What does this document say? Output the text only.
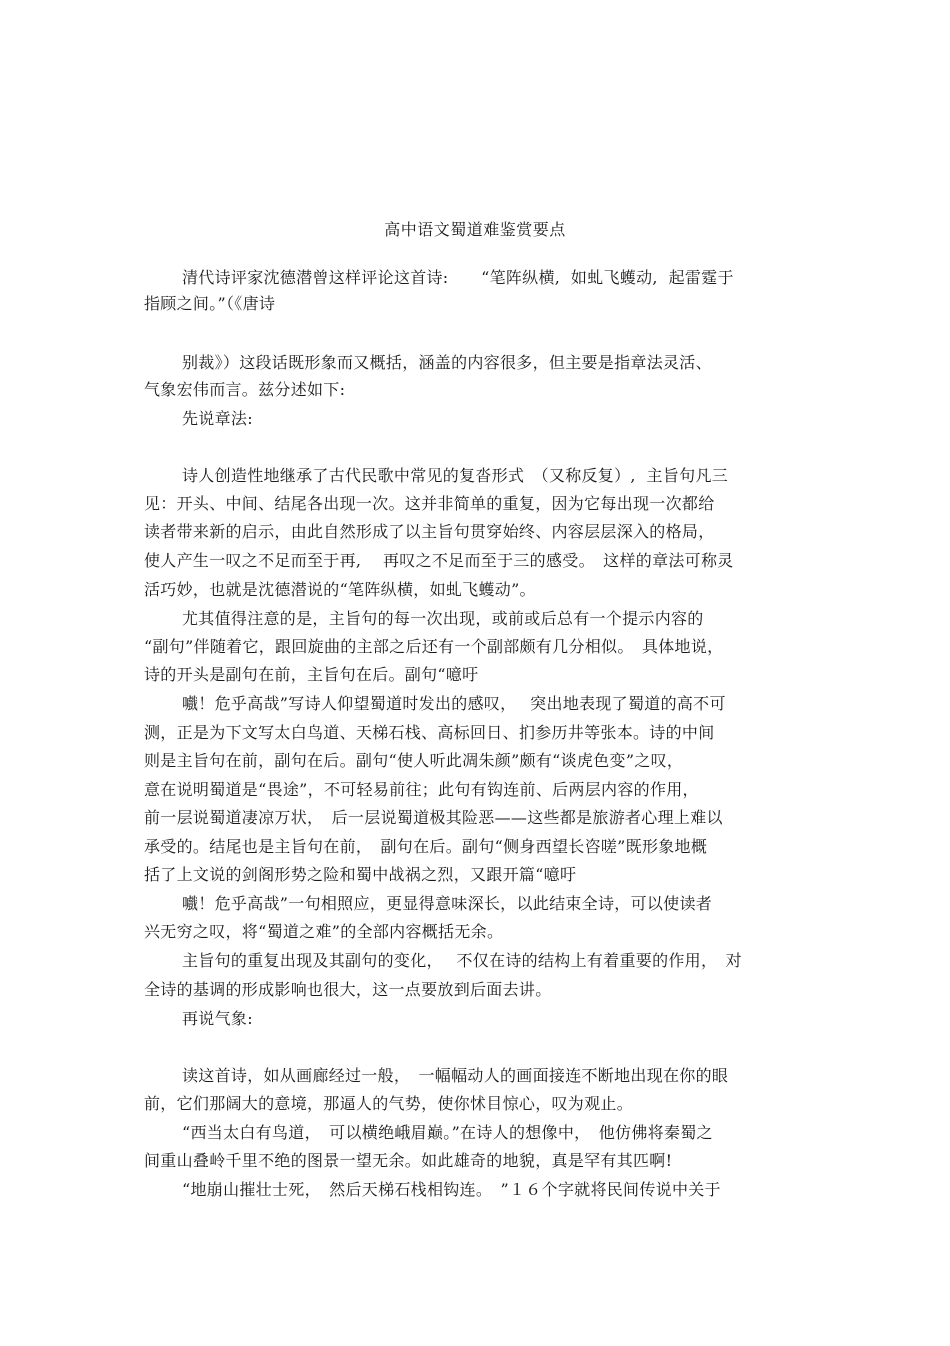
高中语文蜀道难鉴赏要点
清代诗评家沈德潜曾这样评论这首诗:　　“笔阵纵横,  如虬飞蠖动,  起雷霆于
指顾之间。”（《唐诗
别裁》）这段话既形象而又概括，涵盖的内容很多，但主要是指章法灵活、
气象宏伟而言。兹分述如下:
先说章法:
诗人创造性地继承了古代民歌中常见的复沓形式　（又称反复）,  主旨句凡三
见：开头、中间、结尾各出现一次。这并非简单的重复，因为它每出现一次都给
读者带来新的启示，由此自然形成了以主旨句贯穿始终、内容层层深入的格局，
使人产生一叹之不足而至于再,　 再叹之不足而至于三的感受。　这样的章法可称灵
活巧妙，也就是沈德潜说的“笔阵纵横，如虬飞蠖动”。
尤其值得注意的是，主旨句的每一次出现，或前或后总有一个提示内容的
“副句”伴随着它，跟回旋曲的主部之后还有一个副部颇有几分相似。　具体地说，
诗的开头是副句在前，主旨句在后。副句“噫吁
嚱！危乎高哉”写诗人仰望蜀道时发出的感叹，　 突出地表现了蜀道的高不可
测，正是为下文写太白鸟道、天梯石栈、高标回日、扪参历井等张本。诗的中间
则是主旨句在前，副句在后。副句“使人听此凋朱颜”颇有“谈虎色变”之叹，
意在说明蜀道是“畏途”，不可轻易前往；此句有钩连前、后两层内容的作用，
前一层说蜀道凄凉万状，　后一层说蜀道极其险恶——这些都是旅游者心理上难以
承受的。结尾也是主旨句在前，　副句在后。副句“侧身西望长咨嗟”既形象地概
括了上文说的剑阁形势之险和蜀中战祸之烈，又跟开篇“噫吁
嚱！危乎高哉”一句相照应，更显得意味深长，以此结束全诗，可以使读者
兴无穷之叹，将“蜀道之难”的全部内容概括无余。
主旨句的重复出现及其副句的变化，　 不仅在诗的结构上有着重要的作用，　对
全诗的基调的形成影响也很大，这一点要放到后面去讲。
再说气象:
读这首诗，如从画廊经过一般，　一幅幅动人的画面接连不断地出现在你的眼
前，它们那阔大的意境，那逼人的气势，使你怵目惊心，叹为观止。
“西当太白有鸟道，　可以横绝峨眉巅。”在诗人的想像中，　他仿佛将秦蜀之
间重山叠岭千里不绝的图景一望无余。如此雄奇的地貌，真是罕有其匹啊!
“地崩山摧壮士死，　然后天梯石栈相钩连。　”１６个字就将民间传说中关于
